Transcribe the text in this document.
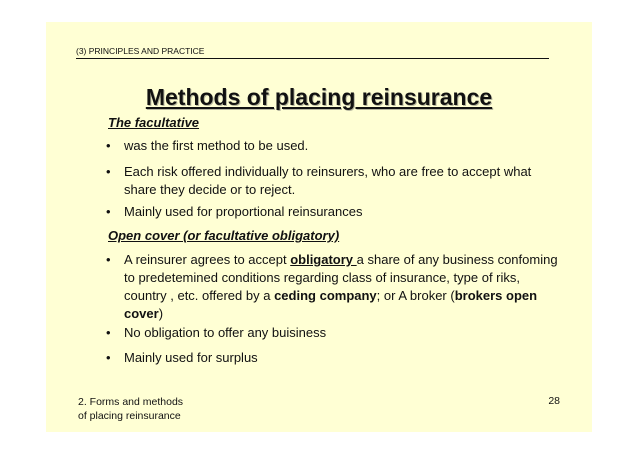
(3) PRINCIPLES AND PRACTICE
Methods of placing reinsurance
The facultative
• was the first method to be used.
• Each risk offered individually to reinsurers, who are free to accept what share they decide or to reject.
• Mainly used for proportional reinsurances
Open cover (or facultative obligatory)
• A reinsurer agrees to accept obligatory a share of any business confoming to predetemined conditions regarding class of insurance, type of riks, country , etc. offered by a ceding company; or A broker (brokers open cover)
• No obligation to offer any buisiness
• Mainly used for surplus
2. Forms and methods
of placing reinsurance
28
